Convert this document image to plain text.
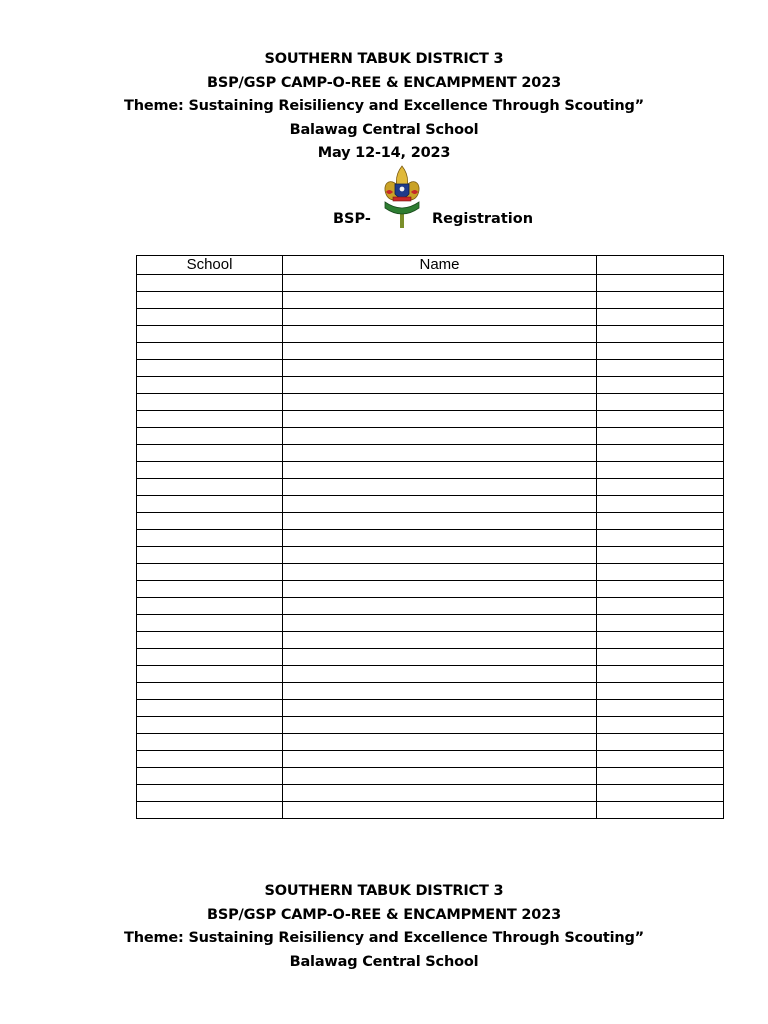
SOUTHERN TABUK DISTRICT 3
BSP/GSP CAMP-O-REE & ENCAMPMENT 2023
Theme: Sustaining Reisiliency and Excellence Through Scouting”
Balawag Central School
May 12-14, 2023
BSP-	Registration
School	Name	

SOUTHERN TABUK DISTRICT 3
BSP/GSP CAMP-O-REE & ENCAMPMENT 2023
Theme: Sustaining Reisiliency and Excellence Through Scouting”
Balawag Central School
